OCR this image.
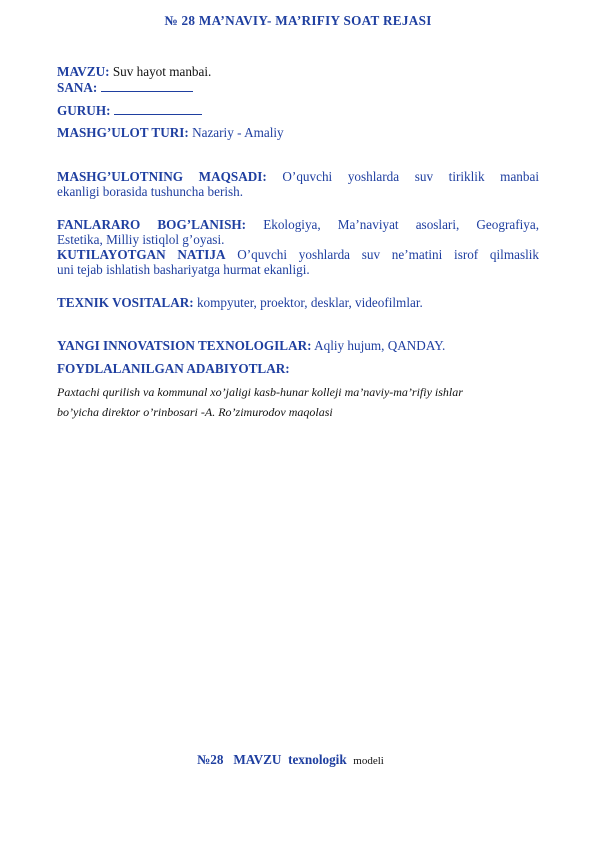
№ 28 MA’NAVIY- MA’RIFIY SOAT REJASI
MAVZU: Suv hayot manbai.
SANA:
GURUH:
MASHG’ULOT TURI: Nazariy - Amaliy
MASHG’ULOTNING MAQSADI: O’quvchi yoshlarda suv tiriklik manbai
ekanligi borasida tushuncha berish.
FANLARARO BOG’LANISH: Ekologiya, Ma’naviyat asoslari, Geografiya,
Estetika, Milliy istiqlol g’oyasi.
KUTILAYOTGAN NATIJA O’quvchi yoshlarda suv ne’matini isrof qilmaslik
uni tejab ishlatish bashariyatga hurmat ekanligi.
TEXNIK VOSITALAR: kompyuter, proektor, desklar, videofilmlar.
YANGI INNOVATSION TEXNOLOGILAR: Aqliy hujum, QANDAY.
FOYDLALANILGAN ADABIYOTLAR:
Paxtachi qurilish va kommunal xo’jaligi kasb-hunar kolleji ma’naviy-ma’rifiy ishlar
bo’yicha direktor o’rinbosari -A. Ro’zimurodov maqolasi
№28 MAVZU texnologik modeli
